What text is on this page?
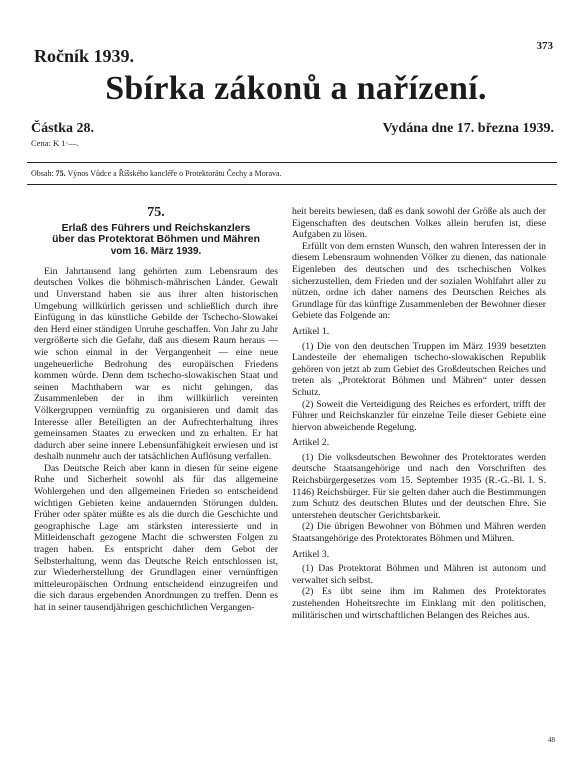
Ročník 1939.	373
Sbírka zákonů a nařízení.
Částka 28.
Cena: K 1·—.
Vydána dne 17. března 1939.
Obsah: 75. Výnos Vůdce a Říšského kancléře o Protektorátu Čechy a Morava.
75.
Erlaß des Führers und Reichskanzlers
über das Protektorat Böhmen und Mähren
vom 16. März 1939.

Ein Jahrtausend lang gehörten zum Lebensraum des deutschen Volkes die böhmisch-mährischen Länder. Gewalt und Unverstand haben sie aus ihrer alten historischen Umgebung willkürlich gerissen und schließlich durch ihre Einfügung in das künstliche Gebilde der Tschecho-Slowakei den Herd einer ständigen Unruhe geschaffen. Von Jahr zu Jahr vergrößerte sich die Gefahr, daß aus diesem Raum heraus — wie schon einmal in der Vergangenheit — eine neue ungeheuerliche Bedrohung des europäischen Friedens kommen würde. Denn dem tschecho-slowakischen Staat und seinen Machthabern war es nicht gelungen, das Zusammenleben der in ihm willkürlich vereinten Völkergruppen vernünftig zu organisieren und damit das Interesse aller Beteiligten an der Aufrechterhaltung ihres gemeinsamen Staates zu erwecken und zu erhalten. Er hat dadurch aber seine innere Lebensunfähigkeit erwiesen und ist deshalb nunmehr auch der tatsächlichen Auflösung verfallen.

Das Deutsche Reich aber kann in diesen für seine eigene Ruhe und Sicherheit sowohl als für das allgemeine Wohlergehen und den allgemeinen Frieden so entscheidend wichtigen Gebieten keine andauernden Störungen dulden. Früher oder später müßte es als die durch die Geschichte und geographische Lage am stärksten interessierte und in Mitleidenschaft gezogene Macht die schwersten Folgen zu tragen haben. Es entspricht daher dem Gebot der Selbsterhaltung, wenn das Deutsche Reich entschlossen ist, zur Wiederherstellung der Grundlagen einer vernünftigen mitteleuropäischen Ordnung entscheidend einzugreifen und die sich daraus ergebenden Anordnungen zu treffen. Denn es hat in seiner tausendjährigen geschichtlichen Vergangen-

heit bereits bewiesen, daß es dank sowohl der Größe als auch der Eigenschaften des deutschen Volkes allein berufen ist, diese Aufgaben zu lösen.

Erfüllt von dem ernsten Wunsch, den wahren Interessen der in diesem Lebensraum wohnenden Völker zu dienen, das nationale Eigenleben des deutschen und des tschechischen Volkes sicherzustellen, dem Frieden und der sozialen Wohlfahrt aller zu nützen, ordne ich daher namens des Deutschen Reiches als Grundlage für das künftige Zusammenleben der Bewohner dieser Gebiete das Folgende an:

Artikel 1.

(1) Die von den deutschen Truppen im März 1939 besetzten Landesteile der ehemaligen tschecho-slowakischen Republik gehören von jetzt ab zum Gebiet des Großdeutschen Reiches und treten als „Protektorat Böhmen und Mähren“ unter dessen Schutz.

(2) Soweit die Verteidigung des Reiches es erfordert, trifft der Führer und Reichskanzler für einzelne Teile dieser Gebiete eine hiervon abweichende Regelung.

Artikel 2.

(1) Die volksdeutschen Bewohner des Protektorates werden deutsche Staatsangehörige und nach den Vorschriften des Reichsbürgergesetzes vom 15. September 1935 (R.-G.-Bl. I. S. 1146) Reichsbürger. Für sie gelten daher auch die Bestimmungen zum Schutz des deutschen Blutes und der deutschen Ehre. Sie unterstehen deutscher Gerichtsbarkeit.

(2) Die übrigen Bewohner von Böhmen und Mähren werden Staatsangehörige des Protektorates Böhmen und Mähren.

Artikel 3.

(1) Das Protektorat Böhmen und Mähren ist autonom und verwaltet sich selbst.

(2) Es übt seine ihm im Rahmen des Protektorates zustehenden Hoheitsrechte im Einklang mit den politischen, militärischen und wirtschaftlichen Belangen des Reiches aus.

48
